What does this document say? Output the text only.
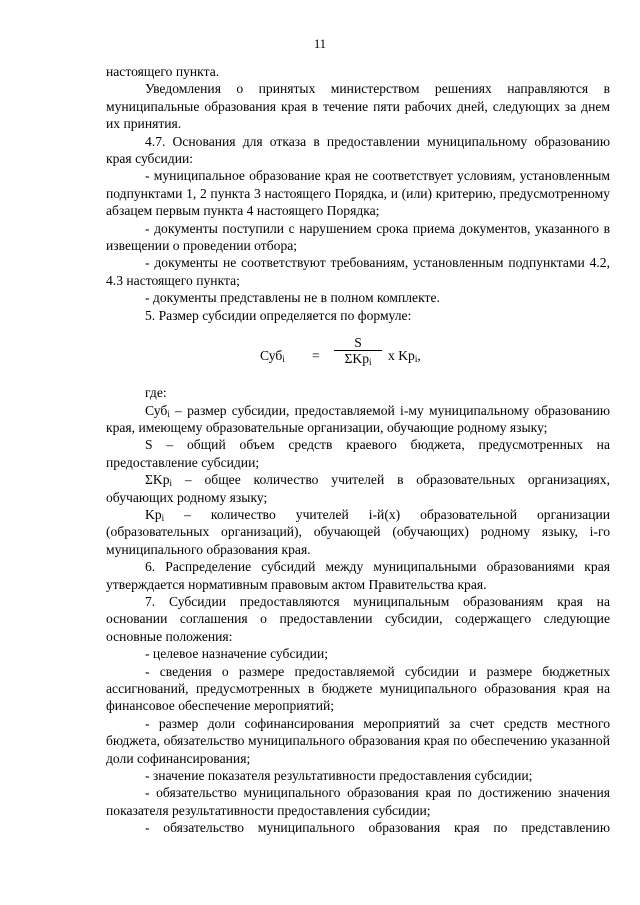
11

настоящего пункта.

Уведомления о принятых министерством решениях направляются в муниципальные образования края в течение пяти рабочих дней, следующих за днем их принятия.

4.7. Основания для отказа в предоставлении муниципальному образованию края субсидии:

- муниципальное образование края не соответствует условиям, установленным подпунктами 1, 2 пункта 3 настоящего Порядка, и (или) критерию, предусмотренному абзацем первым пункта 4 настоящего Порядка;

- документы поступили с нарушением срока приема документов, указанного в извещении о проведении отбора;

- документы не соответствуют требованиям, установленным подпунктами 4.2, 4.3 настоящего пункта;

- документы представлены не в полном комплекте.

5. Размер субсидии определяется по формуле:

Суб$_i$ =
S
ΣKp$_i$	x $Kp_i$,

где:

Суб$_i$ – размер субсидии, предоставляемой i-му муниципальному образованию края, имеющему образовательные организации, обучающие родному языку;

S – общий объем средств краевого бюджета, предусмотренных на предоставление субсидии;

ΣKp$_i$ – общее количество учителей в образовательных организациях, обучающих родному языку;

$Kp_i$ – количество учителей i-й(х) образовательной организации (образовательных организаций), обучающей (обучающих) родному языку, i-го муниципального образования края.

6. Распределение субсидий между муниципальными образованиями края утверждается нормативным правовым актом Правительства края.

7. Субсидии предоставляются муниципальным образованиям края на основании соглашения о предоставлении субсидии, содержащего следующие основные положения:

- целевое назначение субсидии;

- сведения о размере предоставляемой субсидии и размере бюджетных ассигнований, предусмотренных в бюджете муниципального образования края на финансовое обеспечение мероприятий;

- размер доли софинансирования мероприятий за счет средств местного бюджета, обязательство муниципального образования края по обеспечению указанной доли софинансирования;

- значение показателя результативности предоставления субсидии;

- обязательство муниципального образования края по достижению значения показателя результативности предоставления субсидии;

- обязательство муниципального образования края по представлению
